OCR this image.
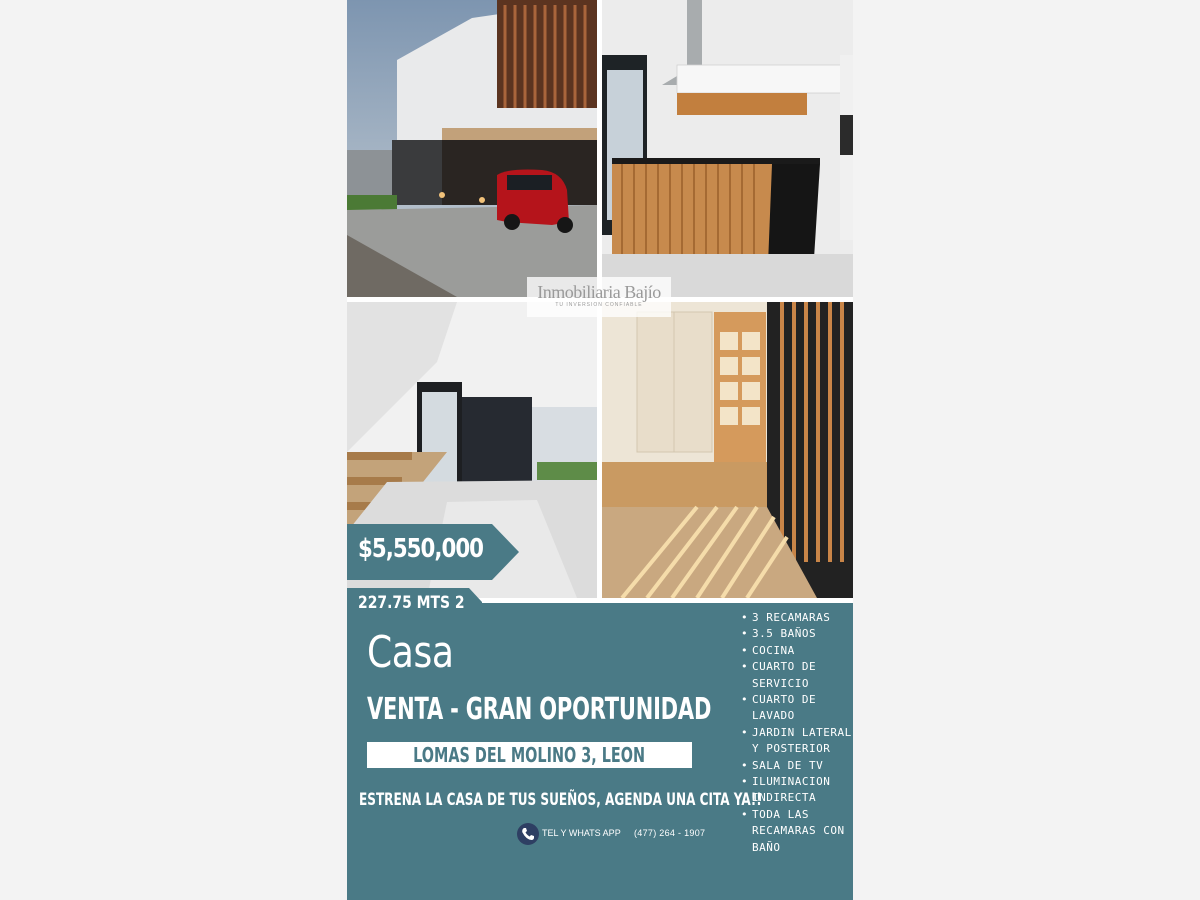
Inmobiliaria Bajío
TU INVERSION CONFIABLE
$5,550,000
227.75 MTS 2
Casa
VENTA - GRAN OPORTUNIDAD
LOMAS DEL MOLINO 3, LEON
ESTRENA LA CASA DE TUS SUEÑOS, AGENDA UNA CITA YA!!
TEL Y WHATS APP (477) 264 - 1907
• 3 RECAMARAS
• 3.5 BAÑOS
• COCINA
• CUARTO DE SERVICIO
• CUARTO DE LAVADO
• JARDIN LATERAL Y POSTERIOR
• SALA DE TV
• ILUMINACION INDIRECTA
• TODA LAS RECAMARAS CON BAÑO
